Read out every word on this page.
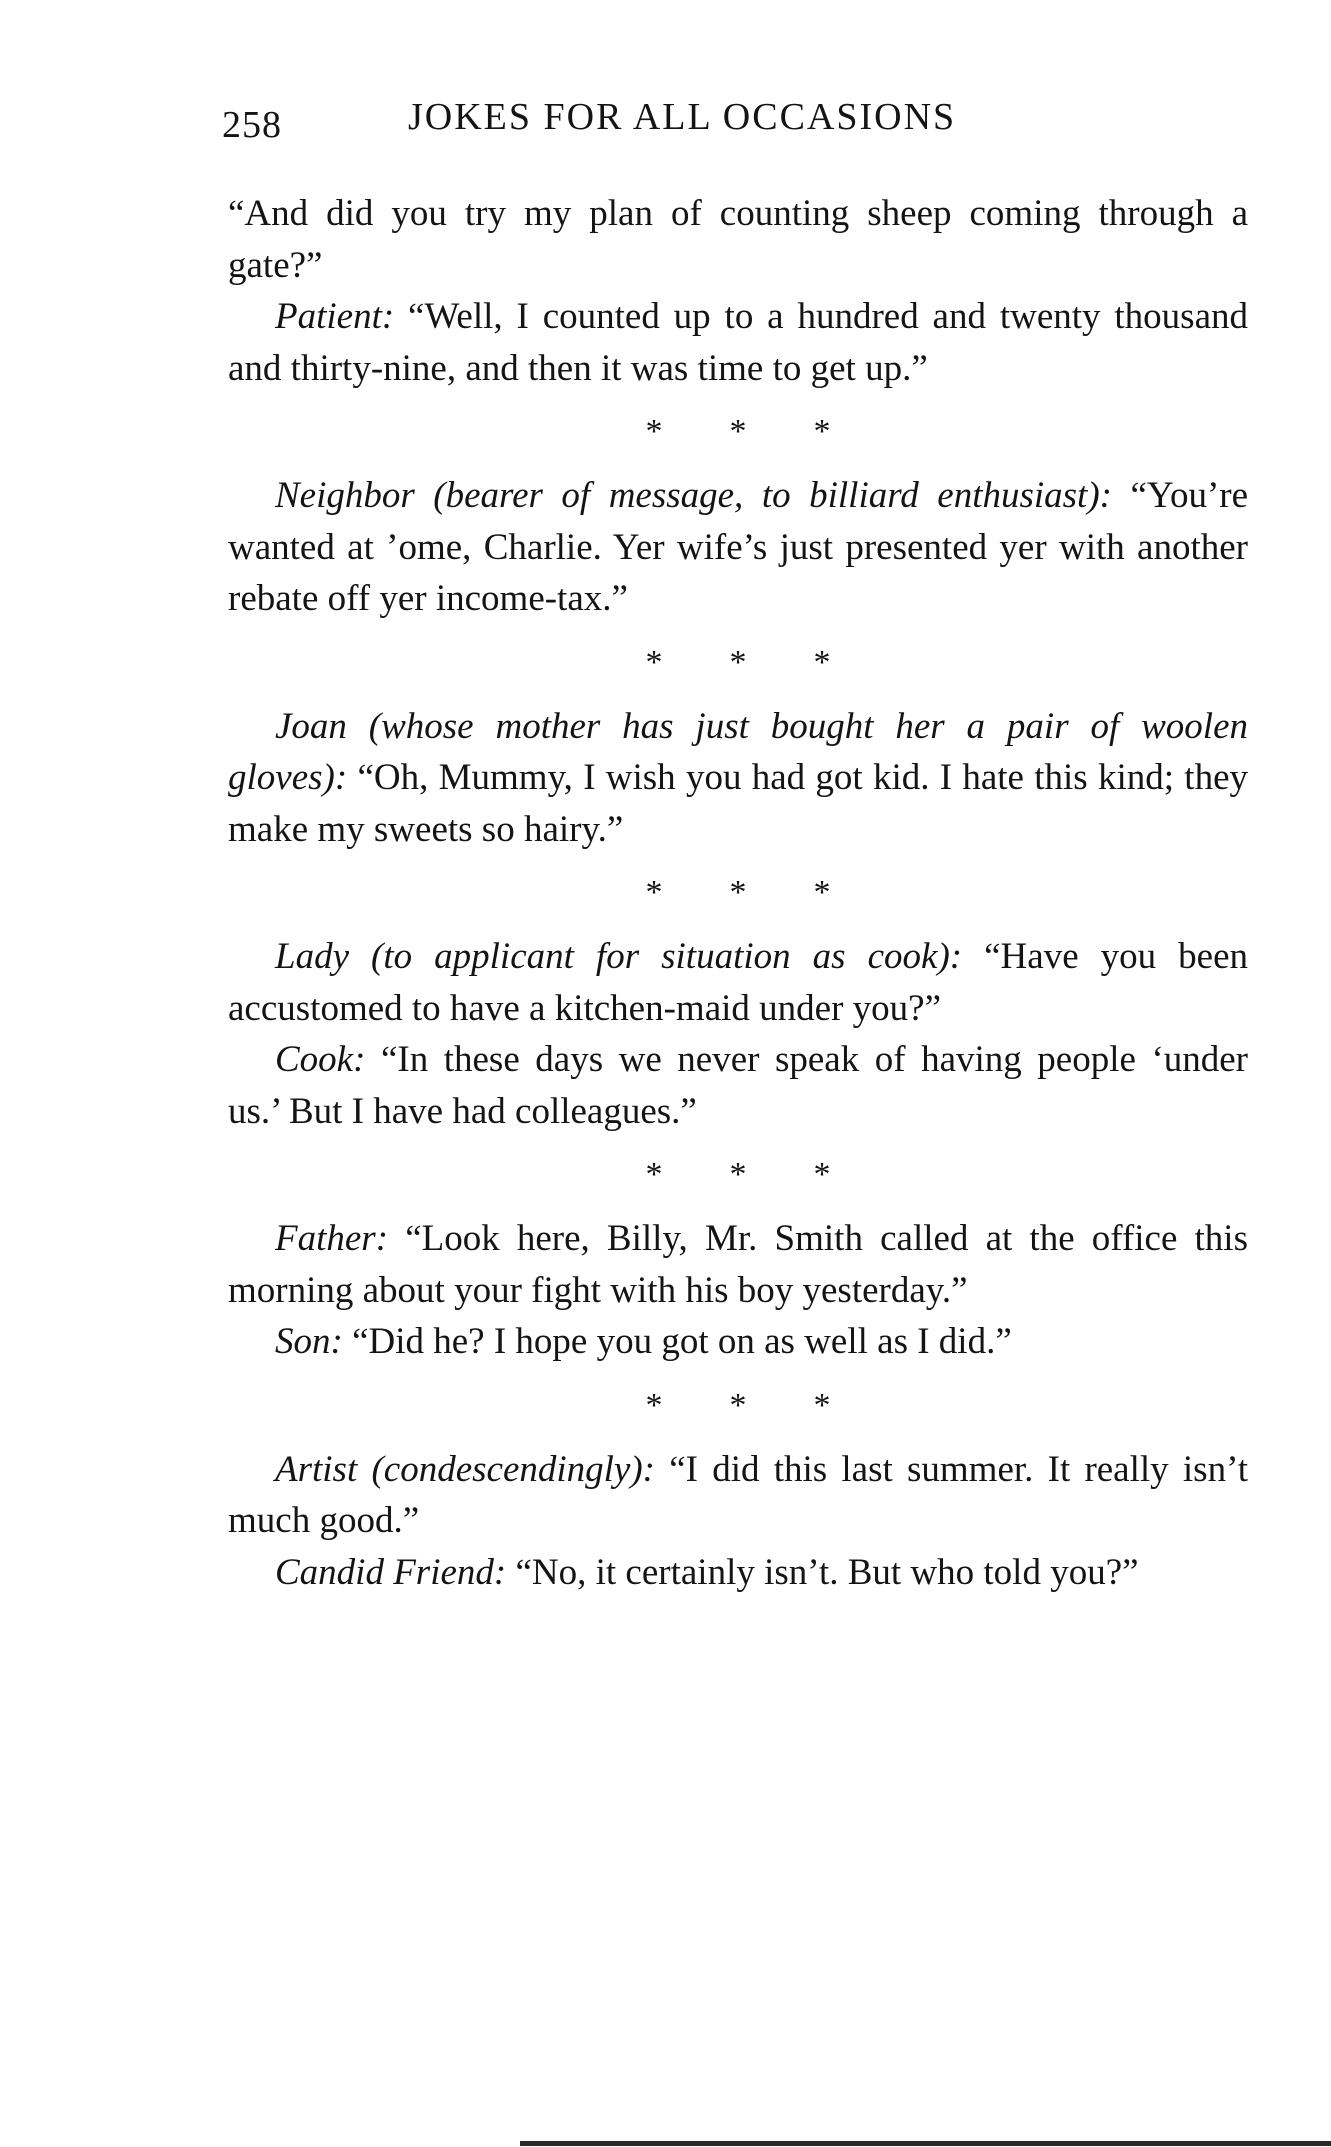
258	JOKES FOR ALL OCCASIONS

“And did you try my plan of counting sheep coming through a gate?”

Patient: “Well, I counted up to a hundred and twenty thousand and thirty-nine, and then it was time to get up.”

*	*	*

Neighbor (bearer of message, to billiard enthusiast): “You’re wanted at ’ome, Charlie. Yer wife’s just presented yer with another rebate off yer income-tax.”

*	*	*

Joan (whose mother has just bought her a pair of woolen gloves): “Oh, Mummy, I wish you had got kid. I hate this kind; they make my sweets so hairy.”

*	*	*

Lady (to applicant for situation as cook): “Have you been accustomed to have a kitchen-maid under you?”

Cook: “In these days we never speak of having people ‘under us.’ But I have had colleagues.”

*	*	*

Father: “Look here, Billy, Mr. Smith called at the office this morning about your fight with his boy yesterday.”

Son: “Did he? I hope you got on as well as I did.”

*	*	*

Artist (condescendingly): “I did this last summer. It really isn’t much good.”

Candid Friend: “No, it certainly isn’t. But who told you?”
